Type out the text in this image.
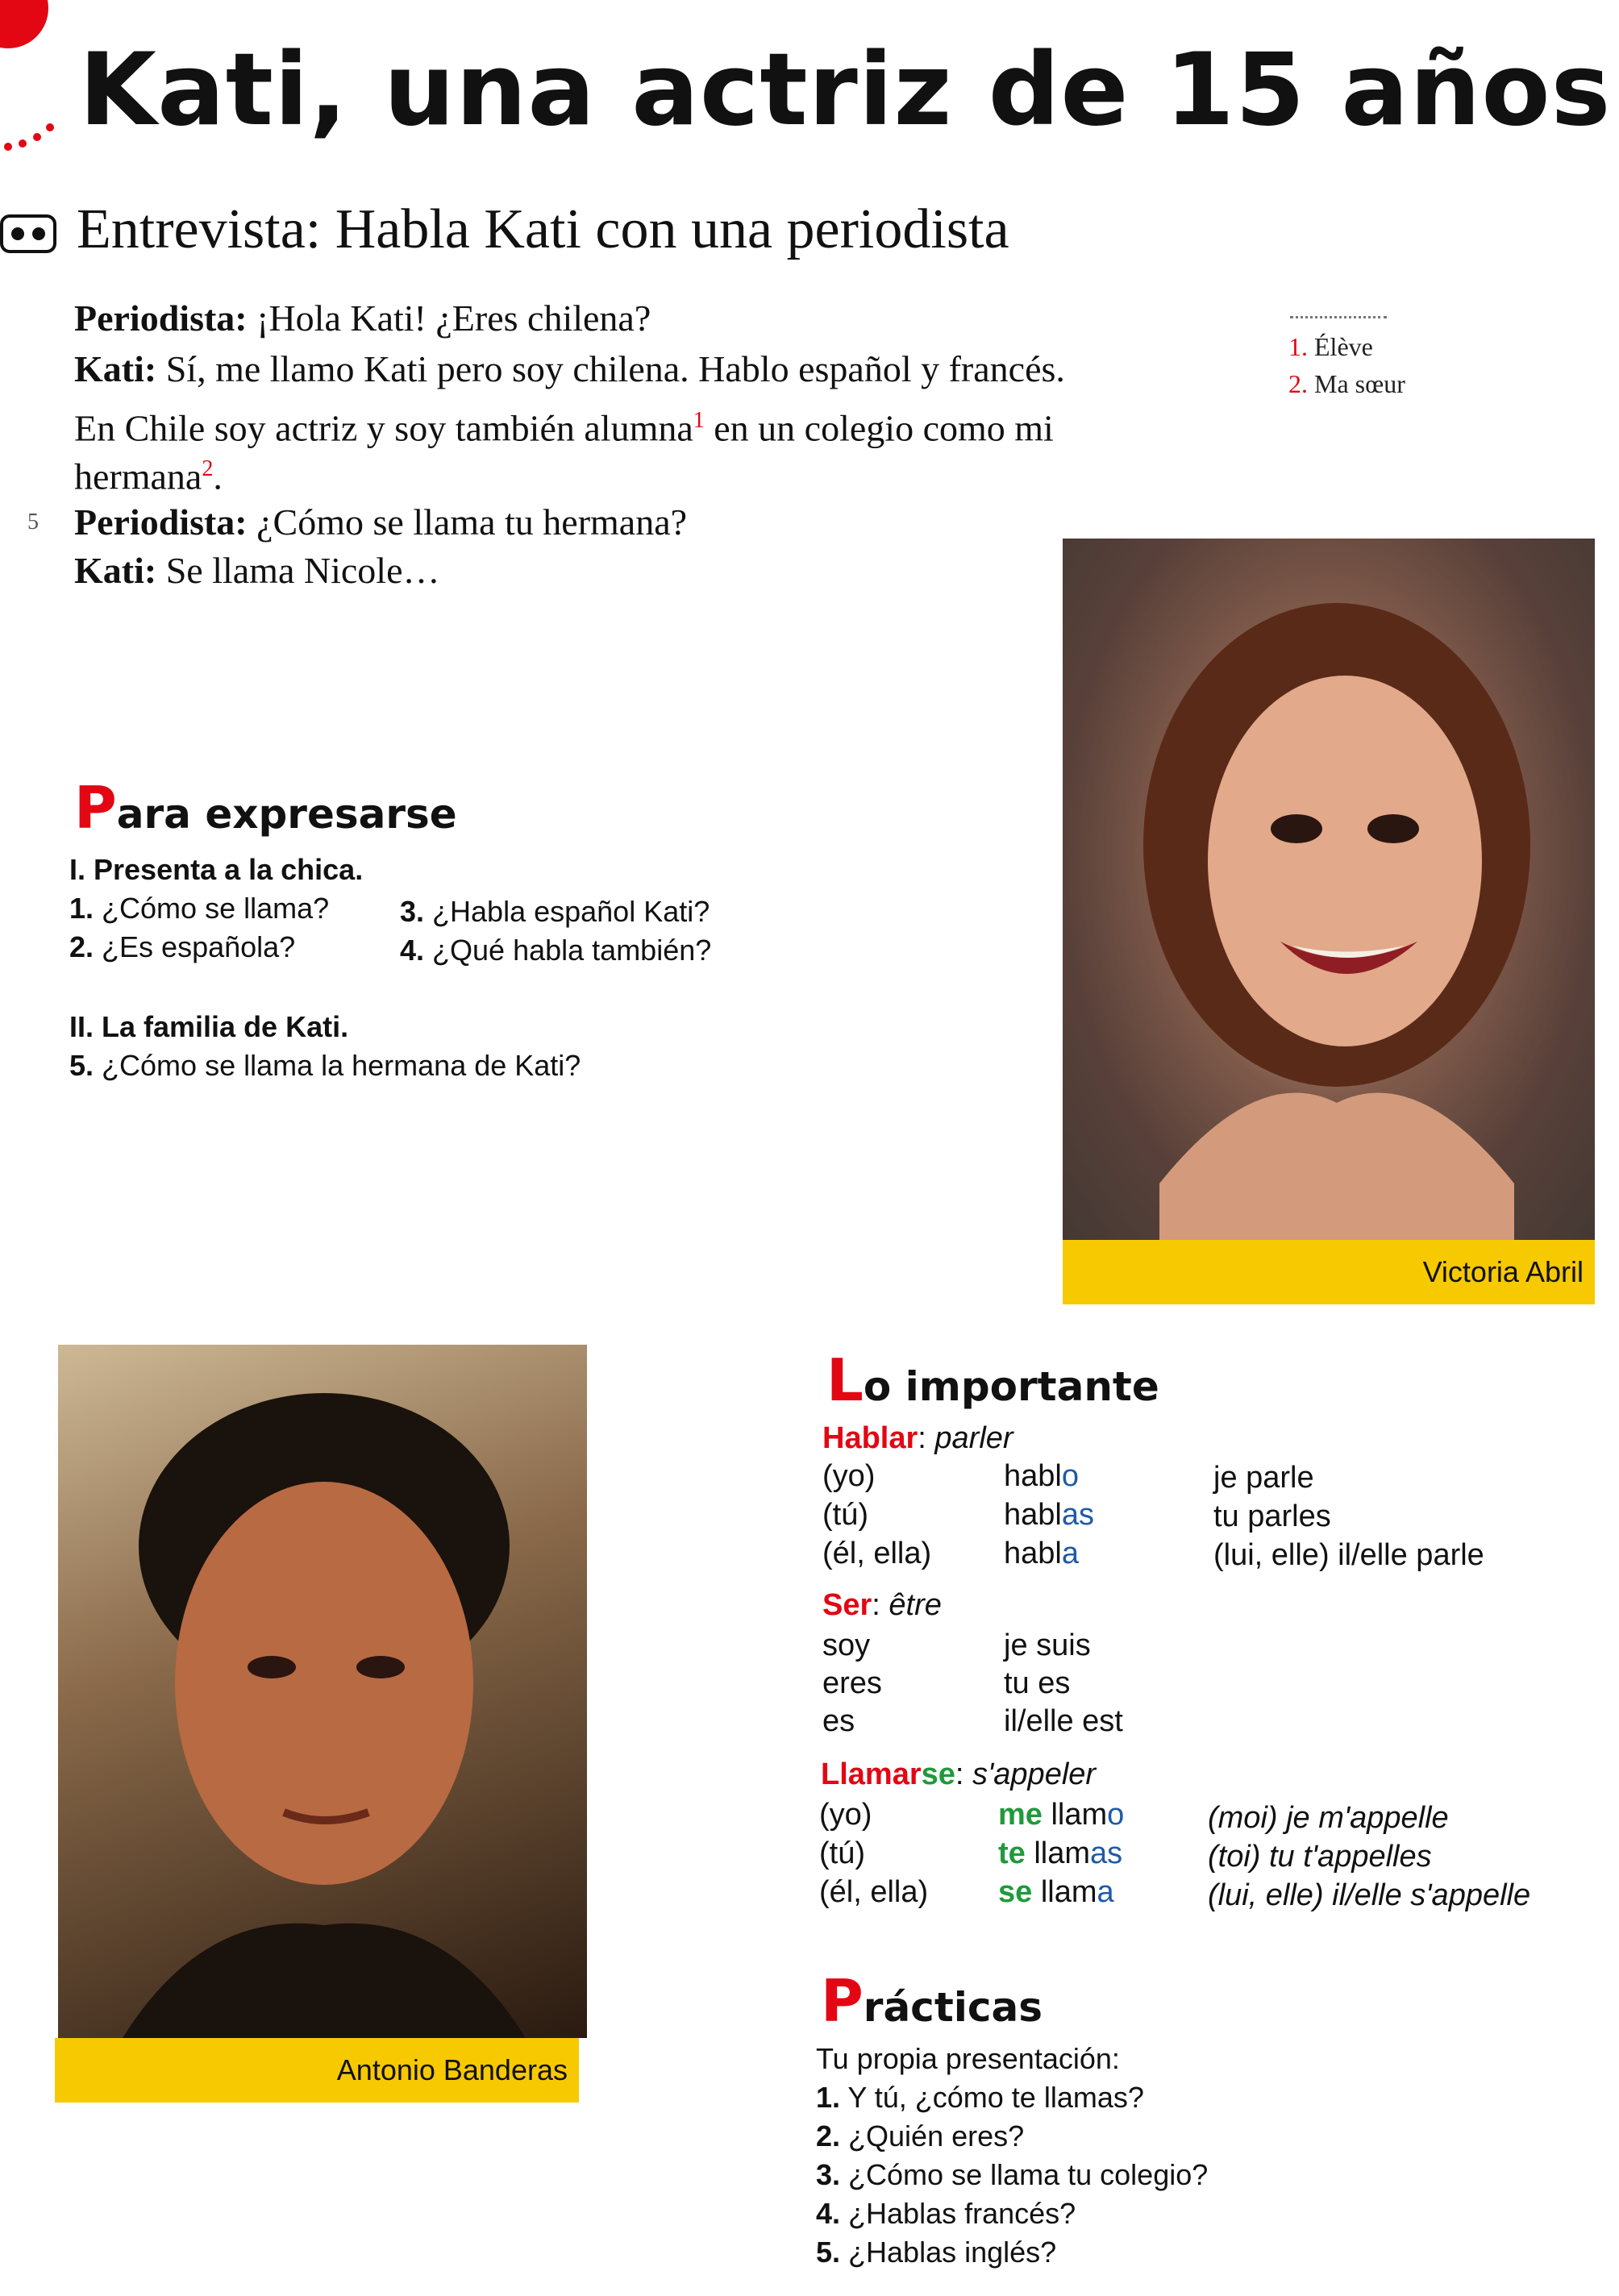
Kati, una actriz de 15 años
Entrevista: Habla Kati con una periodista
Periodista: ¡Hola Kati! ¿Eres chilena?
Kati: Sí, me llamo Kati pero soy chilena. Hablo español y francés.
En Chile soy actriz y soy también alumna$^1$ en un colegio como mi
hermana$^2$.
5 Periodista: ¿Cómo se llama tu hermana?
Kati: Se llama Nicole…
1. Élève
2. Ma sœur
Para expresarse
I. Presenta a la chica.
1. ¿Cómo se llama?
2. ¿Es española?
3. ¿Habla español Kati?
4. ¿Qué habla también?
II. La familia de Kati.
5. ¿Cómo se llama la hermana de Kati?
Victoria Abril
Antonio Banderas
Lo importante
Hablar: parler
(yo)	hablo	je parle
(tú)	hablas	tu parles
(él, ella) habla	(lui, elle) il/elle parle
Ser: être
soy	je suis
eres	tu es
es	il/elle est
Llamarse: s'appeler
(yo)	me llamo	(moi) je m'appelle
(tú)	te llamas	(toi) tu t'appelles
(él, ella) se llama	(lui, elle) il/elle s'appelle
Prácticas
Tu propia presentación:
1. Y tú, ¿cómo te llamas?
2. ¿Quién eres?
3. ¿Cómo se llama tu colegio?
4. ¿Hablas francés?
5. ¿Hablas inglés?
